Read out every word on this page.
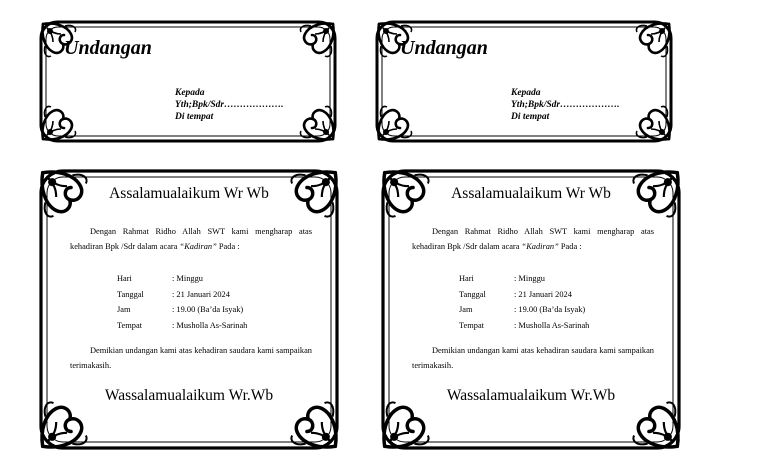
Undangan
Kepada
Yth;Bpk/Sdr……………….
Di tempat
Undangan
Kepada
Yth;Bpk/Sdr……………….
Di tempat
Assalamualaikum Wr Wb
Dengan Rahmat Ridho Allah SWT kami mengharap atas kehadiran Bpk /Sdr dalam acara “Kadiran” Pada :
Hari	: Minggu
Tanggal	: 21 Januari 2024
Jam	: 19.00 (Ba’da Isyak)
Tempat	: Musholla As-Sarinah
Demikian undangan kami atas kehadiran saudara kami sampaikan terimakasih.
Wassalamualaikum Wr.Wb
Assalamualaikum Wr Wb
Dengan Rahmat Ridho Allah SWT kami mengharap atas kehadiran Bpk /Sdr dalam acara “Kadiran” Pada :
Hari	: Minggu
Tanggal	: 21 Januari 2024
Jam	: 19.00 (Ba’da Isyak)
Tempat	: Musholla As-Sarinah
Demikian undangan kami atas kehadiran saudara kami sampaikan terimakasih.
Wassalamualaikum Wr.Wb
